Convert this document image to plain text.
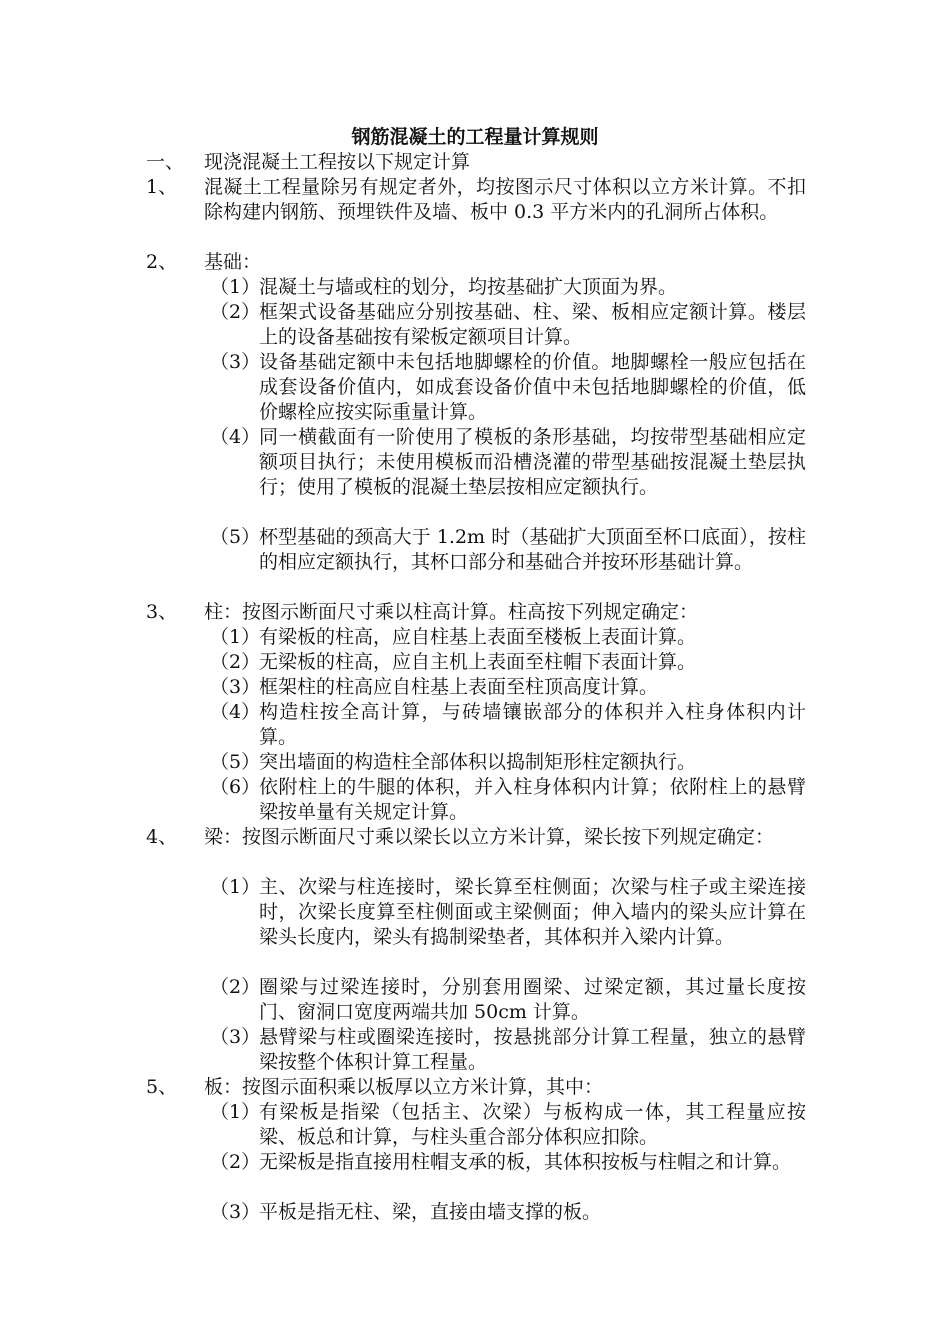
钢筋混凝土的工程量计算规则
一、 现浇混凝土工程按以下规定计算
1、 混凝土工程量除另有规定者外，均按图示尺寸体积以立方米计算。不扣除构建内钢筋、预埋铁件及墙、板中 0.3 平方米内的孔洞所占体积。
2、 基础：
（1）
混凝土与墙或柱的划分，均按基础扩大顶面为界。
（2）
框架式设备基础应分别按基础、柱、梁、板相应定额计算。楼层上的设备基础按有梁板定额项目计算。
（3）
设备基础定额中未包括地脚螺栓的价值。地脚螺栓一般应包括在成套设备价值内，如成套设备价值中未包括地脚螺栓的价值，低价螺栓应按实际重量计算。
（4）
同一横截面有一阶使用了模板的条形基础，均按带型基础相应定额项目执行；未使用模板而沿槽浇灌的带型基础按混凝土垫层执行；使用了模板的混凝土垫层按相应定额执行。
（5）
杯型基础的颈高大于 1.2m 时（基础扩大顶面至杯口底面），按柱的相应定额执行，其杯口部分和基础合并按环形基础计算。
3、 柱：按图示断面尺寸乘以柱高计算。柱高按下列规定确定：
（1）
有梁板的柱高，应自柱基上表面至楼板上表面计算。
（2）
无梁板的柱高，应自主机上表面至柱帽下表面计算。
（3）
框架柱的柱高应自柱基上表面至柱顶高度计算。
（4）
构造柱按全高计算，与砖墙镶嵌部分的体积并入柱身体积内计算。
（5）
突出墙面的构造柱全部体积以捣制矩形柱定额执行。
（6）
依附柱上的牛腿的体积，并入柱身体积内计算；依附柱上的悬臂梁按单量有关规定计算。
4、 梁：按图示断面尺寸乘以梁长以立方米计算，梁长按下列规定确定：
（1）
主、次梁与柱连接时，梁长算至柱侧面；次梁与柱子或主梁连接时，次梁长度算至柱侧面或主梁侧面；伸入墙内的梁头应计算在梁头长度内，梁头有捣制梁垫者，其体积并入梁内计算。
（2）
圈梁与过梁连接时，分别套用圈梁、过梁定额，其过量长度按门、窗洞口宽度两端共加 50cm 计算。
（3）
悬臂梁与柱或圈梁连接时，按悬挑部分计算工程量，独立的悬臂梁按整个体积计算工程量。
5、 板：按图示面积乘以板厚以立方米计算，其中：
（1）
有梁板是指梁（包括主、次梁）与板构成一体，其工程量应按梁、板总和计算，与柱头重合部分体积应扣除。
（2）
无梁板是指直接用柱帽支承的板，其体积按板与柱帽之和计算。
（3）
平板是指无柱、梁，直接由墙支撑的板。
